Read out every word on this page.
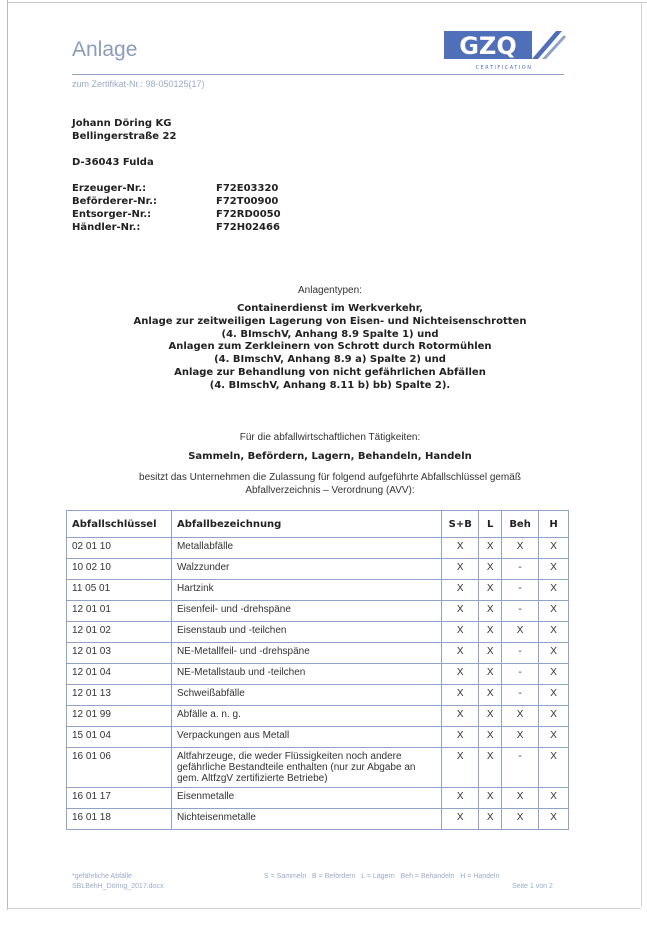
Anlage	GZQ
CERTIFICATION
zum Zertifikat-Nr.: 98-050125(17)
Johann Döring KG
Bellingerstraße 22
D-36043 Fulda
Erzeuger-Nr.:	F72E03320
Beförderer-Nr.:	F72T00900
Entsorger-Nr.:	F72RD0050
Händler-Nr.:	F72H02466
Anlagentypen:
Containerdienst im Werkverkehr,
Anlage zur zeitweiligen Lagerung von Eisen- und Nichteisenschrotten
(4. BImschV, Anhang 8.9 Spalte 1) und
Anlagen zum Zerkleinern von Schrott durch Rotormühlen
(4. BImschV, Anhang 8.9 a) Spalte 2) und
Anlage zur Behandlung von nicht gefährlichen Abfällen
(4. BImschV, Anhang 8.11 b) bb) Spalte 2).
Für die abfallwirtschaftlichen Tätigkeiten:
Sammeln, Befördern, Lagern, Behandeln, Handeln
besitzt das Unternehmen die Zulassung für folgend aufgeführte Abfallschlüssel gemäß
Abfallverzeichnis – Verordnung (AVV):
Abfallschlüssel	Abfallbezeichnung	S+B	L	Beh	H
02 01 10	Metallabfälle	X	X	X	X
10 02 10	Walzzunder	X	X	-	X
11 05 01	Hartzink	X	X	-	X
12 01 01	Eisenfeil- und -drehspäne	X	X	-	X
12 01 02	Eisenstaub und -teilchen	X	X	X	X
12 01 03	NE-Metallfeil- und -drehspäne	X	X	-	X
12 01 04	NE-Metallstaub und -teilchen	X	X	-	X
12 01 13	Schweißabfälle	X	X	-	X
12 01 99	Abfälle a. n. g.	X	X	X	X
15 01 04	Verpackungen aus Metall	X	X	X	X
16 01 06	Altfahrzeuge, die weder Flüssigkeiten noch andere gefährliche Bestandteile enthalten (nur zur Abgabe an gem. AltfzgV zertifizierte Betriebe)	X	X	-	X
16 01 17	Eisenmetalle	X	X	X	X
16 01 18	Nichteisenmetalle	X	X	X	X
*gefährliche Abfälle
SBLBehH_Döring_2017.docx
S = Sammeln   B = Befördern   L = Lagern   Beh = Behandeln   H = Handeln
Seite 1 von 2
